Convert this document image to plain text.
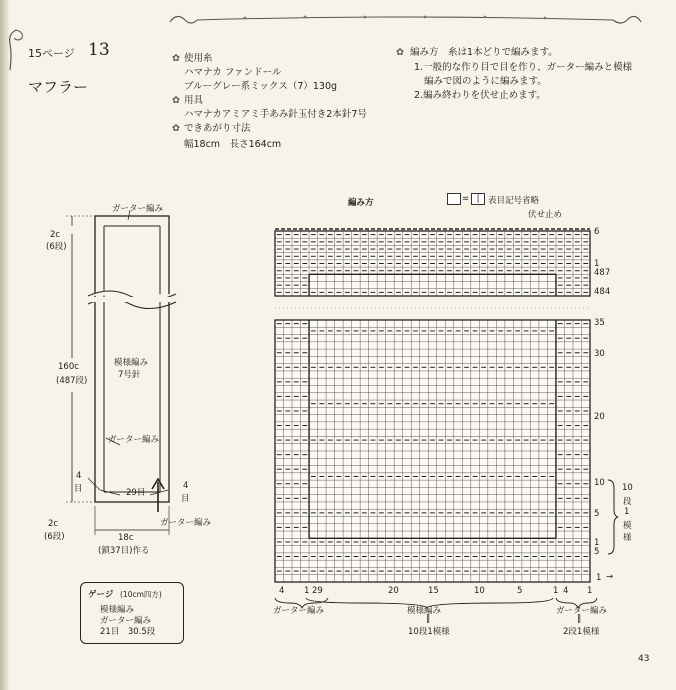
15ページ 13
マフラー
✿ 使用糸
ハマナカ ファンドール
ブルーグレー系ミックス（7）130g
✿ 用具
ハマナカアミアミ手あみ針玉付き2本針7号
✿ できあがり寸法
幅18cm　長さ164cm
✿ 編み方　糸は1本どりで編みます。
1.一般的な作り目で目を作り、ガーター編みと模様
編みで図のように編みます。
2.編み終わりを伏せ止めます。
ガーター編み
2c
(6段)
160c
(487段)
模様編み
7号針
ガーター編み
4
目	29目
4
目
2c
(6段)
ガーター編み
18c
(鎖37目)作る
ゲージ (10cm四方)
模様編み
ガーター編み
21目　30.5段
編み方	= |	表目記号省略
伏せ止め
6
1
487
484
35
30
20
10
5
1
5
1 →
10
段
1
模
様
4 1 29	20	15	10	5	1 4 1
ガーター編み	模様編み
‖
10段1模様
ガーター編み
‖
2段1模様
43
